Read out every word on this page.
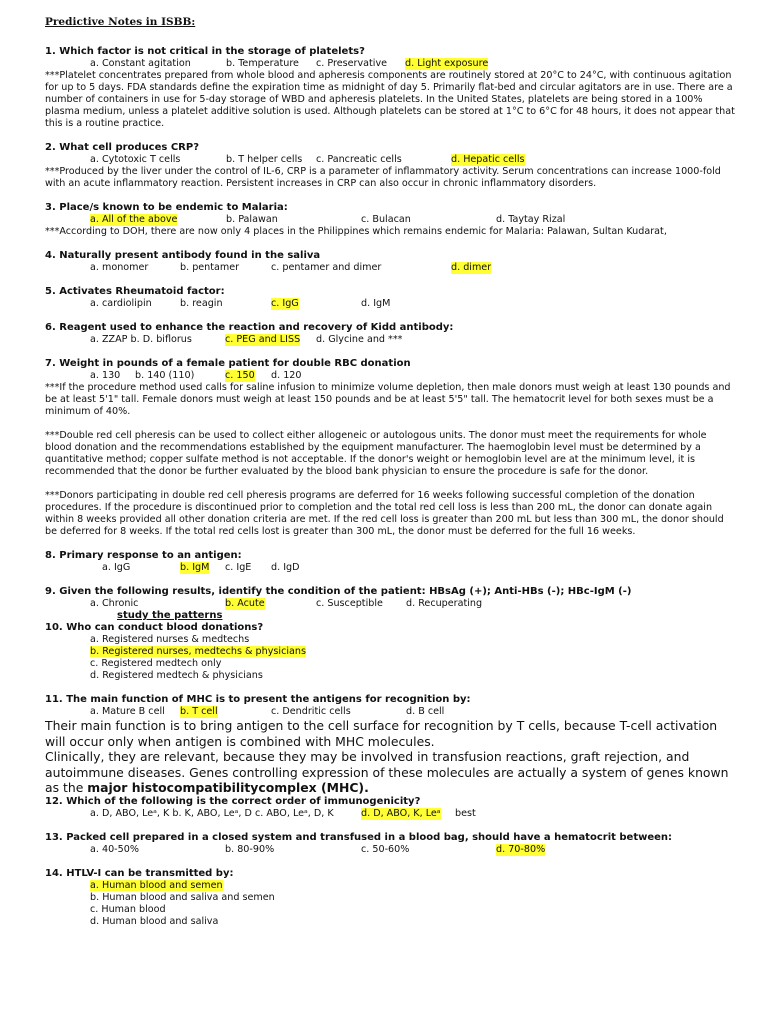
Predictive Notes in ISBB:

1. Which factor is not critical in the storage of platelets?

a. Constant agitation	b. Temperature c. Preservative d. Light exposure

***Platelet concentrates prepared from whole blood and apheresis components are routinely stored at 20°C to 24°C, with continuous agitation for up to 5 days. FDA standards define the expiration time as midnight of day 5. Primarily flat-bed and circular agitators are in use. There are a number of containers in use for 5-day storage of WBD and apheresis platelets. In the United States, platelets are being stored in a 100% plasma medium, unless a platelet additive solution is used. Although platelets can be stored at 1°C to 6°C for 48 hours, it does not appear that this is a routine practice.

2. What cell produces CRP?

a. Cytotoxic T cells	b. T helper cells c. Pancreatic cells	d. Hepatic cells

***Produced by the liver under the control of IL-6, CRP is a parameter of inflammatory activity. Serum concentrations can increase 1000-fold with an acute inflammatory reaction. Persistent increases in CRP can also occur in chronic inflammatory disorders.

3. Place/s known to be endemic to Malaria:

a. All of the above	b. Palawan	c. Bulacan	d. Taytay Rizal

***According to DOH, there are now only 4 places in the Philippines which remains endemic for Malaria: Palawan, Sultan Kudarat,

4. Naturally present antibody found in the saliva

a. monomer	b. pentamer	c. pentamer and dimer	d. dimer

5. Activates Rheumatoid factor:

a. cardiolipin	b. reagin	c. IgG	d. IgM

6. Reagent used to enhance the reaction and recovery of Kidd antibody:

a. ZZAP b. D. biflorus	c. PEG and LISS d. Glycine and ***

7. Weight in pounds of a female patient for double RBC donation

a. 130 b. 140 (110)	c. 150 d. 120

***If the procedure method used calls for saline infusion to minimize volume depletion, then male donors must weigh at least 130 pounds and be at least 5'1" tall. Female donors must weigh at least 150 pounds and be at least 5'5" tall. The hematocrit level for both sexes must be a minimum of 40%.

***Double red cell pheresis can be used to collect either allogeneic or autologous units. The donor must meet the requirements for whole blood donation and the recommendations established by the equipment manufacturer. The haemoglobin level must be determined by a quantitative method; copper sulfate method is not acceptable. If the donor's weight or hemoglobin level are at the minimum level, it is recommended that the donor be further evaluated by the blood bank physician to ensure the procedure is safe for the donor.

***Donors participating in double red cell pheresis programs are deferred for 16 weeks following successful completion of the donation procedures. If the procedure is discontinued prior to completion and the total red cell loss is less than 200 mL, the donor can donate again within 8 weeks provided all other donation criteria are met. If the red cell loss is greater than 200 mL but less than 300 mL, the donor should be deferred for 8 weeks. If the total red cells lost is greater than 300 mL, the donor must be deferred for the full 16 weeks.

8. Primary response to an antigen:

a. IgG	b. IgM c. IgE d. IgD

9. Given the following results, identify the condition of the patient: HBsAg (+); Anti-HBs (-); HBc-IgM (-)

a. Chronic	b. Acute	c. Susceptible d. Recuperating

study the patterns

10. Who can conduct blood donations?

a. Registered nurses & medtechs

b. Registered nurses, medtechs & physicians

c. Registered medtech only

d. Registered medtech & physicians

11. The main function of MHC is to present the antigens for recognition by:

a. Mature B cell b. T cell	c. Dendritic cells	d. B cell

Their main function is to bring antigen to the cell surface for recognition by T cells, because T-cell activation will occur only when antigen is combined with MHC molecules.

Clinically, they are relevant, because they may be involved in transfusion reactions, graft rejection, and autoimmune diseases. Genes controlling expression of these molecules are actually a system of genes known as the major histocompatibilitycomplex (MHC).

12. Which of the following is the correct order of immunogenicity?

a. D, ABO, Leᵃ, K b. K, ABO, Leᵃ, D c. ABO, Leᵃ, D, K	d. D, ABO, K, Leᵃ best

13. Packed cell prepared in a closed system and transfused in a blood bag, should have a hematocrit between:

a. 40-50%	b. 80-90%	c. 50-60%	d. 70-80%

14. HTLV-I can be transmitted by:

a. Human blood and semen

b. Human blood and saliva and semen

c. Human blood

d. Human blood and saliva
